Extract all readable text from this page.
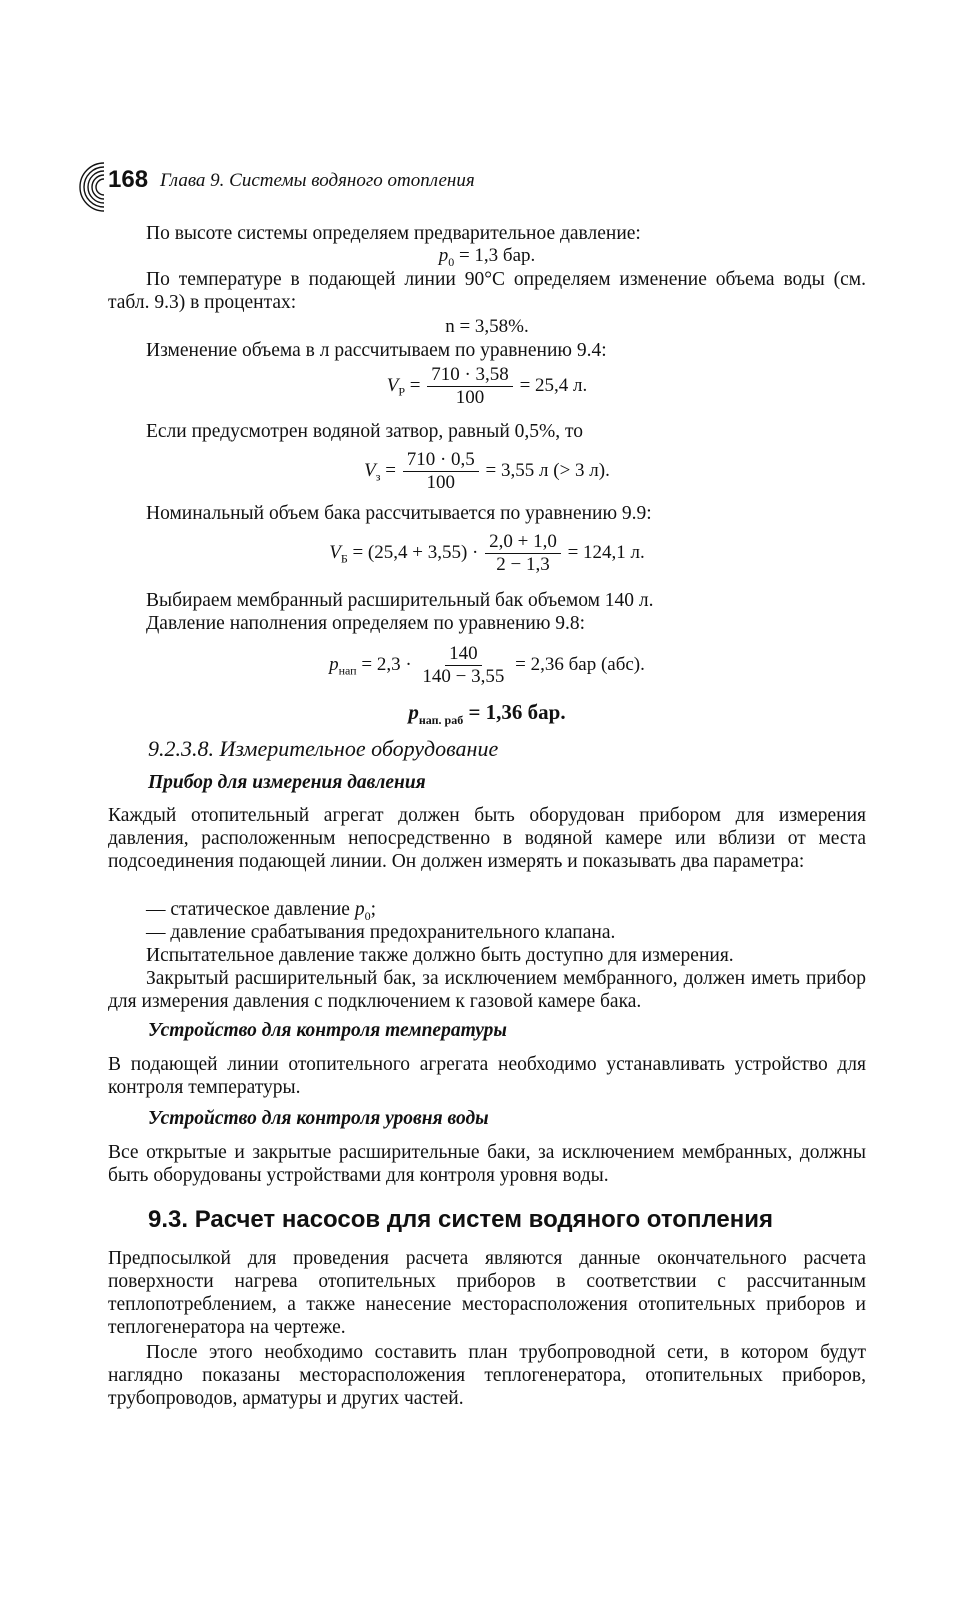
168 Глава 9. Системы водяного отопления
По высоте системы определяем предварительное давление:
$p_0 = 1,3$ бар.
По температуре в подающей линии 90°С определяем изменение объема воды (см. табл. 9.3) в процентах:
n = 3,58%.
Изменение объема в л рассчитываем по уравнению 9.4:
$V_P = \frac{710 \cdot 3,58}{100} = 25,4$ л.
Если предусмотрен водяной затвор, равный 0,5%, то
$V_з = \frac{710 \cdot 0,5}{100} = 3,55$ л (> 3 л).
Номинальный объем бака рассчитывается по уравнению 9.9:
$V_Б = (25,4 + 3,55) \cdot \frac{2,0 + 1,0}{2 - 1,3} = 124,1$ л.
Выбираем мембранный расширительный бак объемом 140 л.
Давление наполнения определяем по уравнению 9.8:
$p_{нап} = 2,3 \cdot \frac{140}{140 - 3,55} = 2,36$ бар (абс).
$p_{нап. раб} = 1,36$ бар.
9.2.3.8. Измерительное оборудование
Прибор для измерения давления
Каждый отопительный агрегат должен быть оборудован прибором для измерения давления, расположенным непосредственно в водяной камере или вблизи от места подсоединения подающей линии. Он должен измерять и показывать два параметра:
— статическое давление $p_0$;
— давление срабатывания предохранительного клапана.
Испытательное давление также должно быть доступно для измерения.
Закрытый расширительный бак, за исключением мембранного, должен иметь прибор для измерения давления с подключением к газовой камере бака.
Устройство для контроля температуры
В подающей линии отопительного агрегата необходимо устанавливать устройство для контроля температуры.
Устройство для контроля уровня воды
Все открытые и закрытые расширительные баки, за исключением мембранных, должны быть оборудованы устройствами для контроля уровня воды.
9.3. Расчет насосов для систем водяного отопления
Предпосылкой для проведения расчета являются данные окончательного расчета поверхности нагрева отопительных приборов в соответствии с рассчитанным теплопотреблением, а также нанесение месторасположения отопительных приборов и теплогенератора на чертеже.
После этого необходимо составить план трубопроводной сети, в котором будут наглядно показаны месторасположения теплогенератора, отопительных приборов, трубопроводов, арматуры и других частей.
